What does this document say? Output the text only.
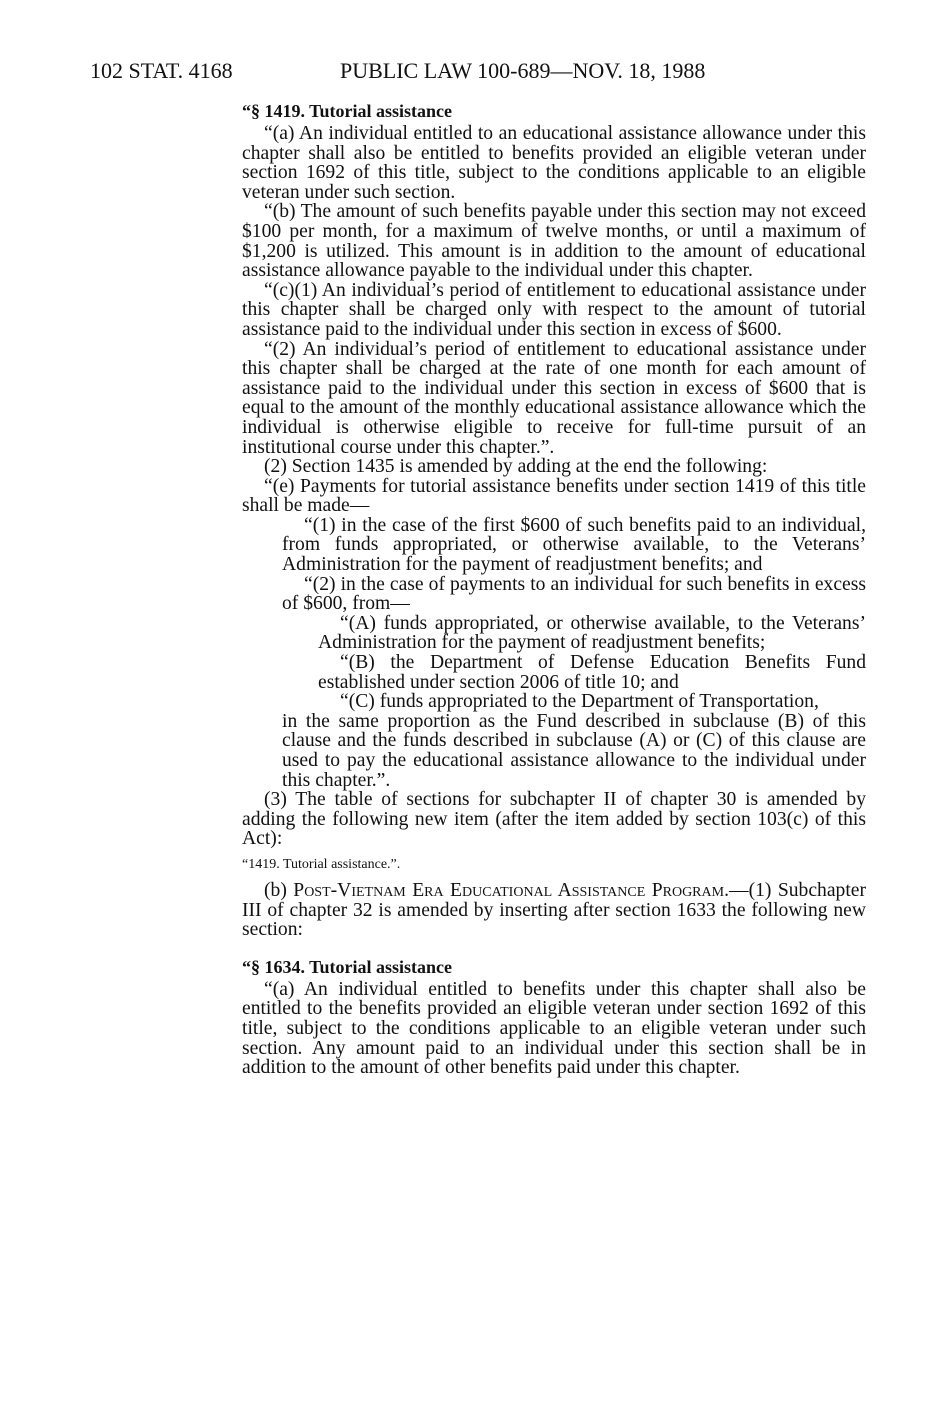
102 STAT. 4168	PUBLIC LAW 100-689—NOV. 18, 1988

“§ 1419. Tutorial assistance

“(a) An individual entitled to an educational assistance allowance under this chapter shall also be entitled to benefits provided an eligible veteran under section 1692 of this title, subject to the conditions applicable to an eligible veteran under such section.

“(b) The amount of such benefits payable under this section may not exceed $100 per month, for a maximum of twelve months, or until a maximum of $1,200 is utilized. This amount is in addition to the amount of educational assistance allowance payable to the individual under this chapter.

“(c)(1) An individual’s period of entitlement to educational assistance under this chapter shall be charged only with respect to the amount of tutorial assistance paid to the individual under this section in excess of $600.

“(2) An individual’s period of entitlement to educational assistance under this chapter shall be charged at the rate of one month for each amount of assistance paid to the individual under this section in excess of $600 that is equal to the amount of the monthly educational assistance allowance which the individual is otherwise eligible to receive for full-time pursuit of an institutional course under this chapter.”.

(2) Section 1435 is amended by adding at the end the following:

“(e) Payments for tutorial assistance benefits under section 1419 of this title shall be made—

“(1) in the case of the first $600 of such benefits paid to an individual, from funds appropriated, or otherwise available, to the Veterans’ Administration for the payment of readjustment benefits; and

“(2) in the case of payments to an individual for such benefits in excess of $600, from—

“(A) funds appropriated, or otherwise available, to the Veterans’ Administration for the payment of readjustment benefits;

“(B) the Department of Defense Education Benefits Fund established under section 2006 of title 10; and

“(C) funds appropriated to the Department of Transportation,

in the same proportion as the Fund described in subclause (B) of this clause and the funds described in subclause (A) or (C) of this clause are used to pay the educational assistance allowance to the individual under this chapter.”.

(3) The table of sections for subchapter II of chapter 30 is amended by adding the following new item (after the item added by section 103(c) of this Act):

“1419. Tutorial assistance.”.

(b) Post-Vietnam Era Educational Assistance Program.—(1) Subchapter III of chapter 32 is amended by inserting after section 1633 the following new section:

“§ 1634. Tutorial assistance

“(a) An individual entitled to benefits under this chapter shall also be entitled to the benefits provided an eligible veteran under section 1692 of this title, subject to the conditions applicable to an eligible veteran under such section. Any amount paid to an individual under this section shall be in addition to the amount of other benefits paid under this chapter.
